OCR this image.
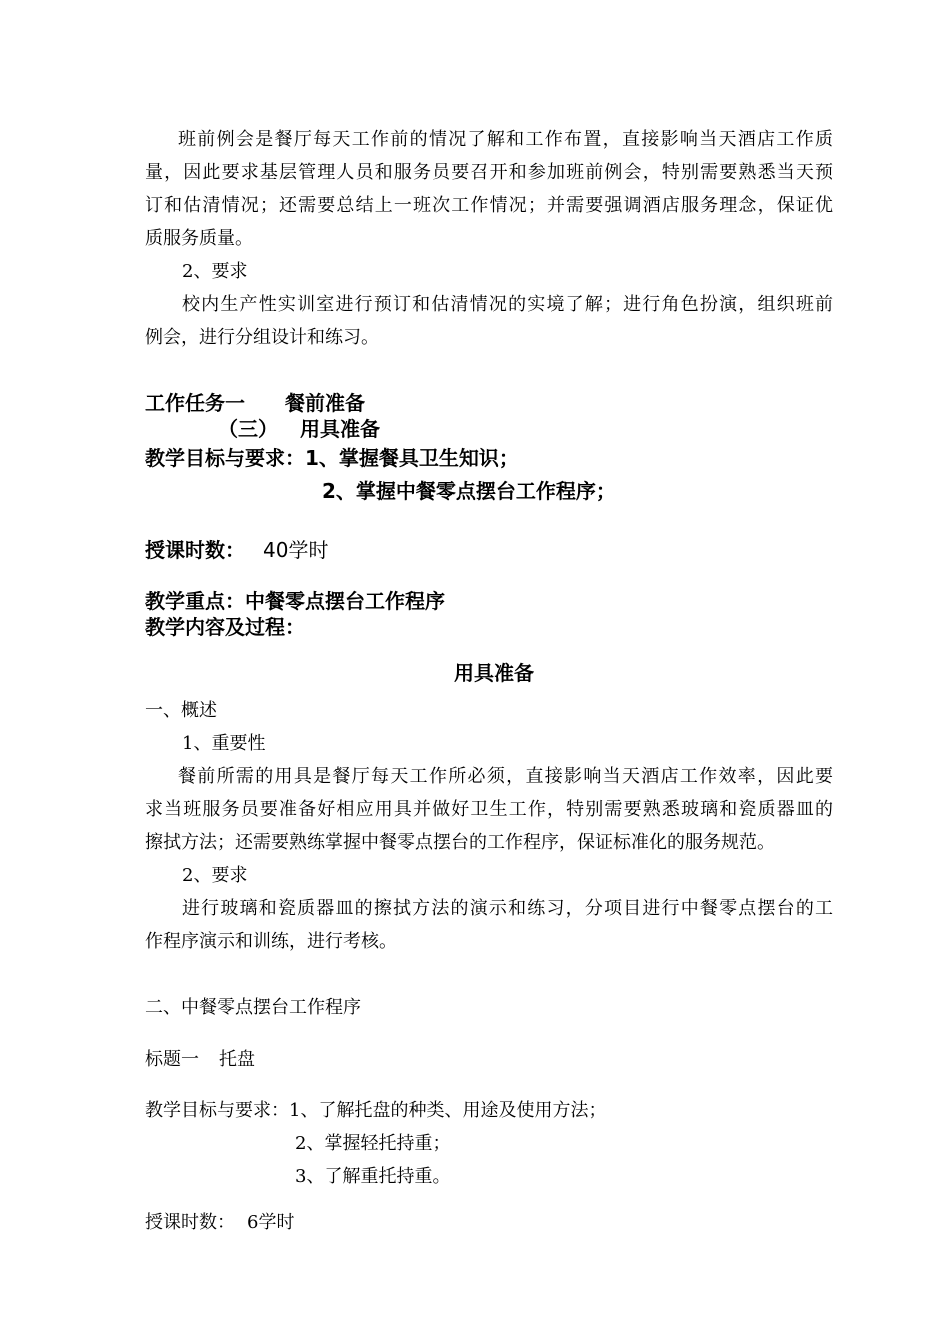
班前例会是餐厅每天工作前的情况了解和工作布置，直接影响当天酒店工作质
量，因此要求基层管理人员和服务员要召开和参加班前例会，特别需要熟悉当天预
订和估清情况；还需要总结上一班次工作情况；并需要强调酒店服务理念，保证优
质服务质量。
2、要求
校内生产性实训室进行预订和估清情况的实境了解；进行角色扮演，组织班前
例会，进行分组设计和练习。
工作任务一 餐前准备
（三） 用具准备
教学目标与要求：1、掌握餐具卫生知识；
2、掌握中餐零点摆台工作程序；
授课时数： 40学时
教学重点：中餐零点摆台工作程序
教学内容及过程：
用具准备
一、概述
1、重要性
餐前所需的用具是餐厅每天工作所必须，直接影响当天酒店工作效率，因此要
求当班服务员要准备好相应用具并做好卫生工作，特别需要熟悉玻璃和瓷质器皿的
擦拭方法；还需要熟练掌握中餐零点摆台的工作程序，保证标准化的服务规范。
2、要求
进行玻璃和瓷质器皿的擦拭方法的演示和练习，分项目进行中餐零点摆台的工
作程序演示和训练，进行考核。
二、中餐零点摆台工作程序
标题一 托盘
教学目标与要求：1、了解托盘的种类、用途及使用方法；
2、掌握轻托持重；
3、了解重托持重。
授课时数： 6学时
